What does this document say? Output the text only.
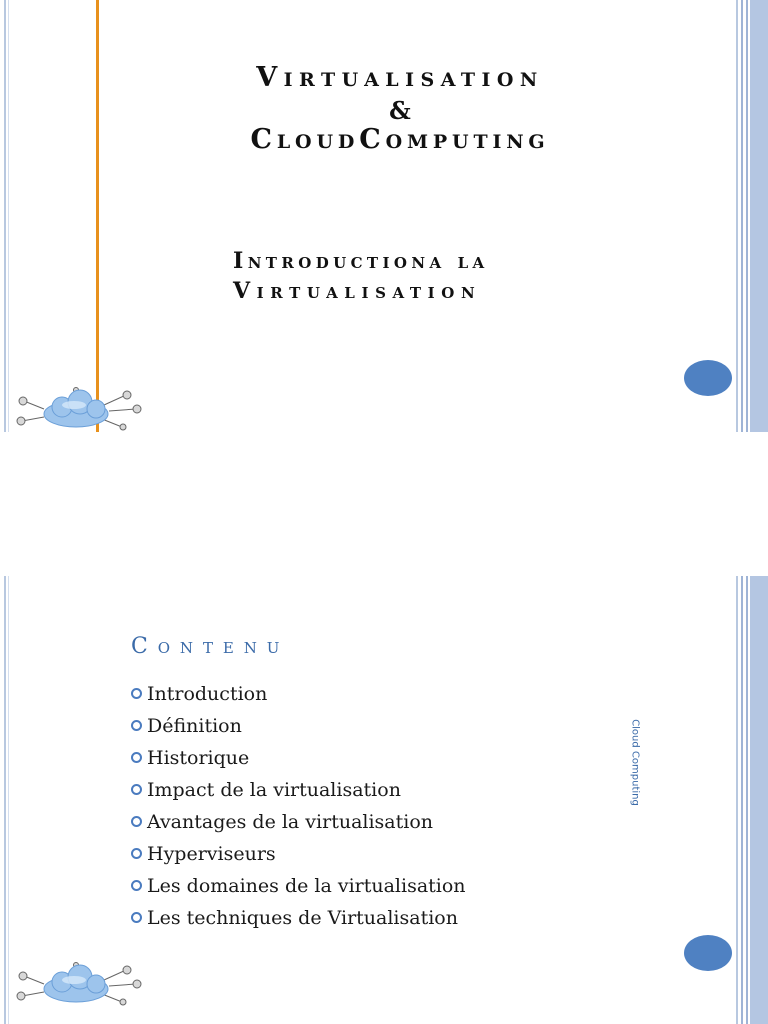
Virtualisation
&
CloudComputing
Introductiona la
Virtualisation
Contenu
Introduction
Définition
Historique
Impact de la virtualisation
Avantages de la virtualisation
Hyperviseurs
Les domaines de la virtualisation
Les techniques de Virtualisation
Cloud Computing
